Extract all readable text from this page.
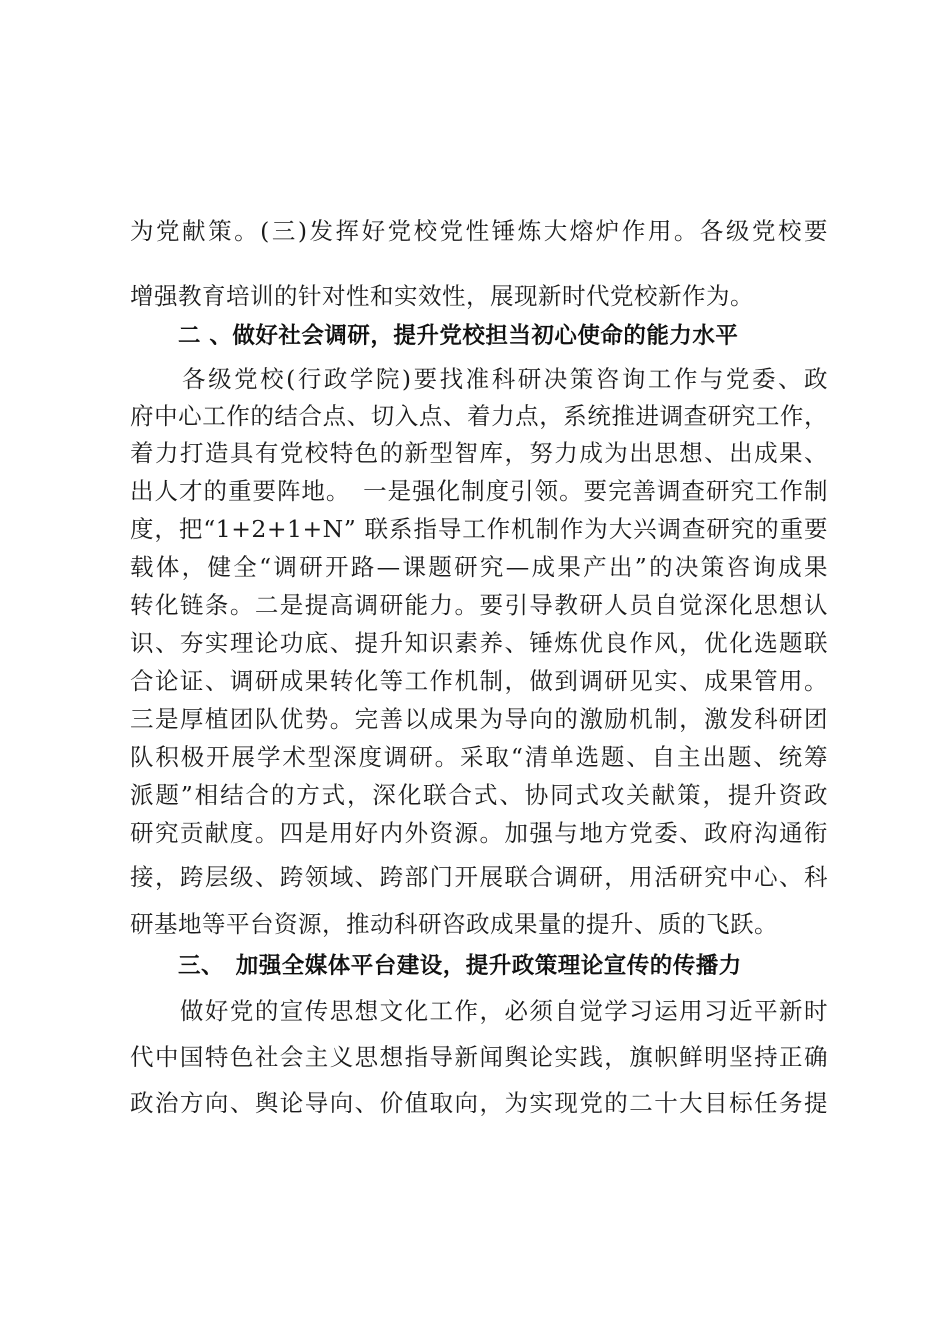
为党献策。(三)发挥好党校党性锤炼大熔炉作用。各级党校要
增强教育培训的针对性和实效性，展现新时代党校新作为。
二 、做好社会调研，提升党校担当初心使命的能力水平
　　各级党校(行政学院)要找准科研决策咨询工作与党委、政
府中心工作的结合点、切入点、着力点，系统推进调查研究工作，
着力打造具有党校特色的新型智库，努力成为出思想、出成果、
出人才的重要阵地。　一是强化制度引领。要完善调查研究工作制
度，把“1+2+1+N” 联系指导工作机制作为大兴调查研究的重要
载体，健全“调研开路—课题研究—成果产出”的决策咨询成果
转化链条。二是提高调研能力。要引导教研人员自觉深化思想认
识、夯实理论功底、提升知识素养、锤炼优良作风，优化选题联
合论证、调研成果转化等工作机制，做到调研见实、成果管用。
三是厚植团队优势。完善以成果为导向的激励机制，激发科研团
队积极开展学术型深度调研。采取“清单选题、自主出题、统筹
派题”相结合的方式，深化联合式、协同式攻关献策，提升资政
研究贡献度。四是用好内外资源。加强与地方党委、政府沟通衔
接，跨层级、跨领域、跨部门开展联合调研，用活研究中心、科
研基地等平台资源，推动科研咨政成果量的提升、质的飞跃。
三、　加强全媒体平台建设，提升政策理论宣传的传播力
　　做好党的宣传思想文化工作，必须自觉学习运用习近平新时
代中国特色社会主义思想指导新闻舆论实践，旗帜鲜明坚持正确
政治方向、舆论导向、价值取向，为实现党的二十大目标任务提
